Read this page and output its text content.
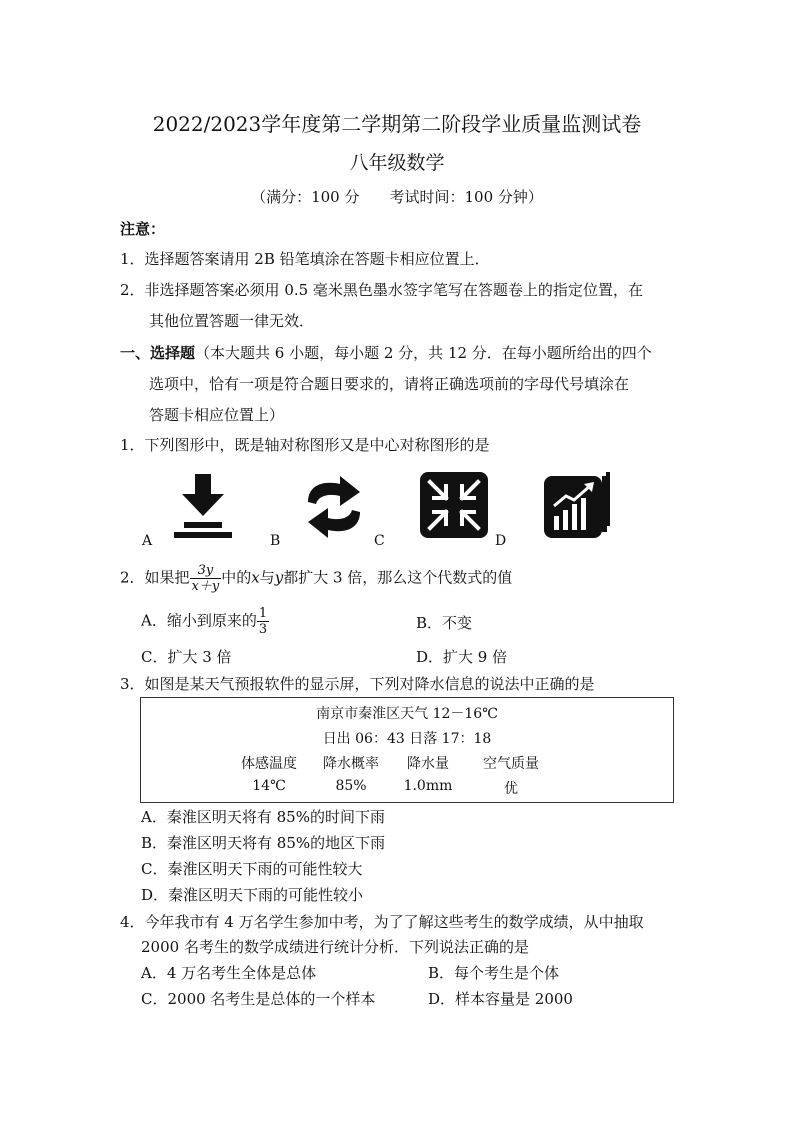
2022/2023学年度第二学期第二阶段学业质量监测试卷
八年级数学
（满分：100 分　　考试时间：100 分钟）
注意：
1．选择题答案请用 2B 铅笔填涂在答题卡相应位置上．
2．非选择题答案必须用 0.5 毫米黑色墨水签字笔写在答题卷上的指定位置，在
其他位置答题一律无效．
一、选择题（本大题共 6 小题，每小题 2 分，共 12 分．在每小题所给出的四个
选项中，恰有一项是符合题日要求的，请将正确选项前的字母代号填涂在
答题卡相应位置上）
1．下列图形中，既是轴对称图形又是中心对称图形的是
A	B	C	D
2．如果把 $\frac{3y}{x+y}$ 中的x与y都扩大 3 倍，那么这个代数式的值
A．缩小到原来的 $\frac{1}{3}$	B．不变
C．扩大 3 倍	D．扩大 9 倍
3．如图是某天气预报软件的显示屏，下列对降水信息的说法中正确的是
南京市秦淮区天气 12－16℃
日出 06：43 日落 17：18
体感温度	降水概率	降水量	空气质量
14℃	85%	1.0mm	优
A．秦淮区明天将有 85%的时间下雨
B．秦淮区明天将有 85%的地区下雨
C．秦淮区明天下雨的可能性较大
D．秦淮区明天下雨的可能性较小
4．今年我市有 4 万名学生参加中考，为了了解这些考生的数学成绩，从中抽取
2000 名考生的数学成绩进行统计分析．下列说法正确的是
A．4 万名考生全体是总体	B．每个考生是个体
C．2000 名考生是总体的一个样本	D．样本容量是 2000
